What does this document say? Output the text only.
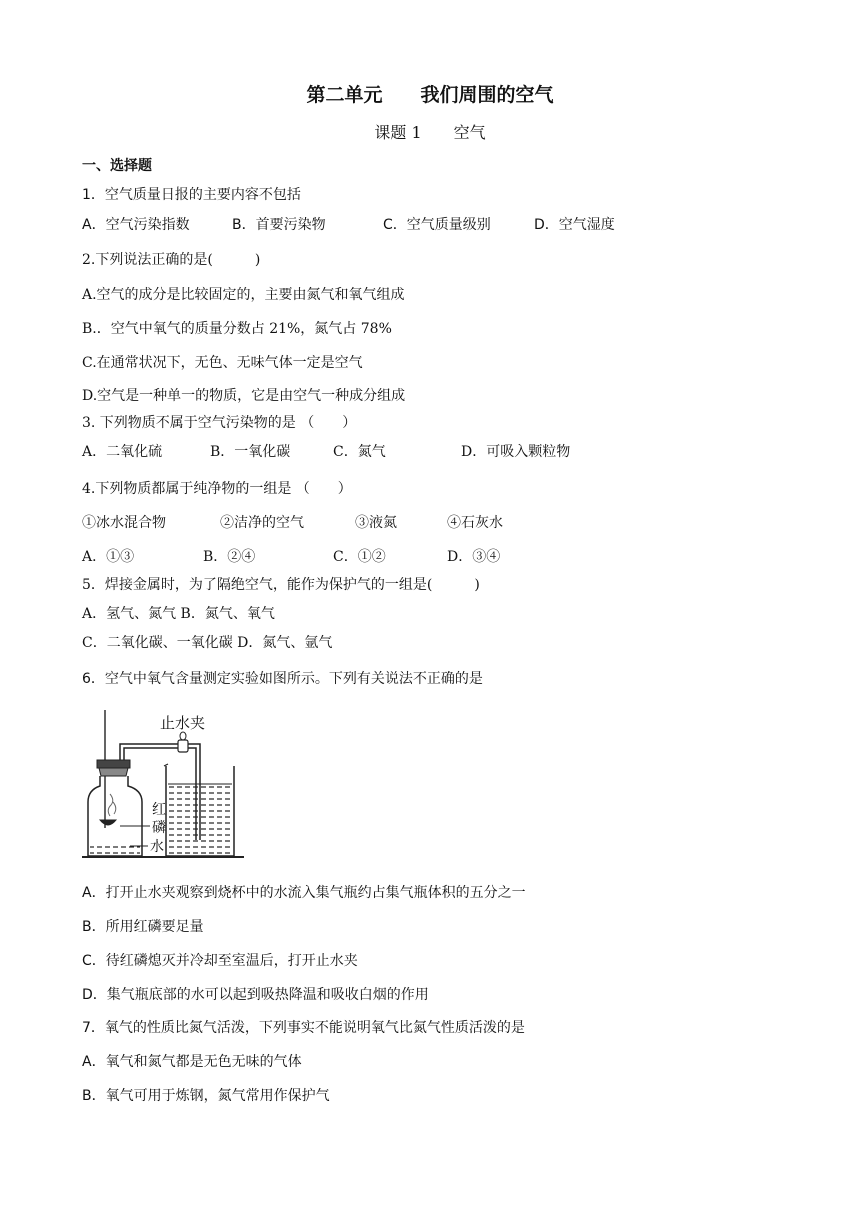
第二单元　　我们周围的空气
课题 1　　空气
一、选择题
1．空气质量日报的主要内容不包括
A．空气污染指数	B．首要污染物	C．空气质量级别	D．空气湿度
2.下列说法正确的是(　　　)
A.空气的成分是比较固定的，主要由氮气和氧气组成
B.．空气中氧气的质量分数占 21%，氮气占 78%
C.在通常状况下，无色、无味气体一定是空气
D.空气是一种单一的物质，它是由空气一种成分组成
3. 下列物质不属于空气污染物的是 （　　）
A．二氧化硫	B．一氧化碳	C．氮气	D．可吸入颗粒物
4.下列物质都属于纯净物的一组是 （　　）
①冰水混合物	②洁净的空气	③液氮	④石灰水
A．①③	B．②④	C．①②	D．③④
5．焊接金属时，为了隔绝空气，能作为保护气的一组是(　　　)
A．氢气、氮气 B．氮气、氧气
C．二氧化碳、一氧化碳 D．氮气、氩气
6．空气中氧气含量测定实验如图所示。下列有关说法不正确的是
止水夹
红
磷
水
A．打开止水夹观察到烧杯中的水流入集气瓶约占集气瓶体积的五分之一
B．所用红磷要足量
C．待红磷熄灭并冷却至室温后，打开止水夹
D．集气瓶底部的水可以起到吸热降温和吸收白烟的作用
7．氧气的性质比氮气活泼，下列事实不能说明氧气比氮气性质活泼的是
A．氧气和氮气都是无色无味的气体
B．氧气可用于炼钢，氮气常用作保护气
